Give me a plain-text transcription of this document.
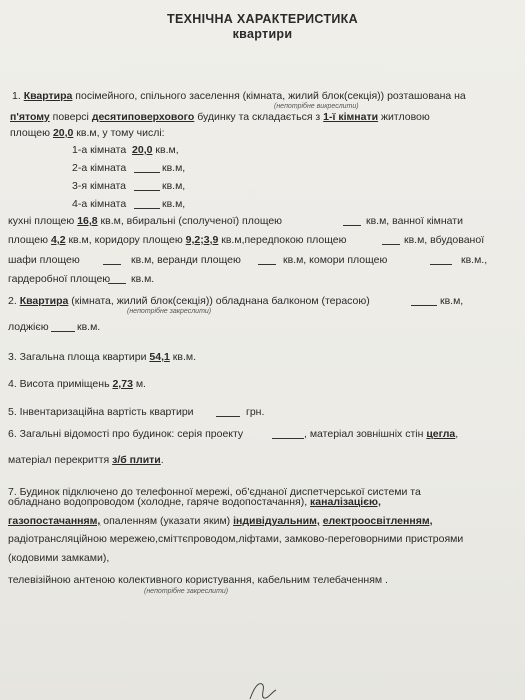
ТЕХНІЧНА ХАРАКТЕРИСТИКА
квартири
1. Квартира посімейного, спільного заселення (кімната, жилий блок(секція)) розташована на
(непотрібне викреслити)
п'ятому поверсі десятиповерхового будинку та складається з 1-ї кімнати житловою
площею 20,0 кв.м, у тому числі:
1-а кімната 20,0 кв.м,
2-а кімната	кв.м,
3-я кімната	кв.м,
4-а кімната	кв.м,
кухні площею 16,8 кв.м, вбиральні (сполученої) площею	кв.м, ванної кімнати
площею 4,2 кв.м, коридору площею 9,2;3,9 кв.м,передпокою площею	кв.м, вбудованої
шафи площею	кв.м, веранди площею	кв.м, комори площею	кв.м.,
гардеробної площею кв.м.
2. Квартира (кімната, жилий блок(секція)) обладнана балконом (терасою)	кв.м,
(непотрібне закреслити)
лоджією	кв.м.
3. Загальна площа квартири 54,1 кв.м.
4. Висота приміщень 2,73 м.
5. Інвентаризаційна вартість квартири	грн.
6. Загальні відомості про будинок: серія проекту	, матеріал зовнішніх стін цегла,
матеріал перекриття з/б плити.
7. Будинок підключено до телефонної мережі, об'єднаної диспетчерської системи та
обладнано водопроводом (холодне, гаряче водопостачання), каналізацією,
газопостачанням, опаленням (указати яким) індивідуальним, електроосвітленням,
радіотрансляційною мережею,сміттєпроводом,ліфтами, замково-переговорними пристроями
(кодовими замками),
телевізійною антеною колективного користування, кабельним телебаченням .
(непотрібне закреслити)
